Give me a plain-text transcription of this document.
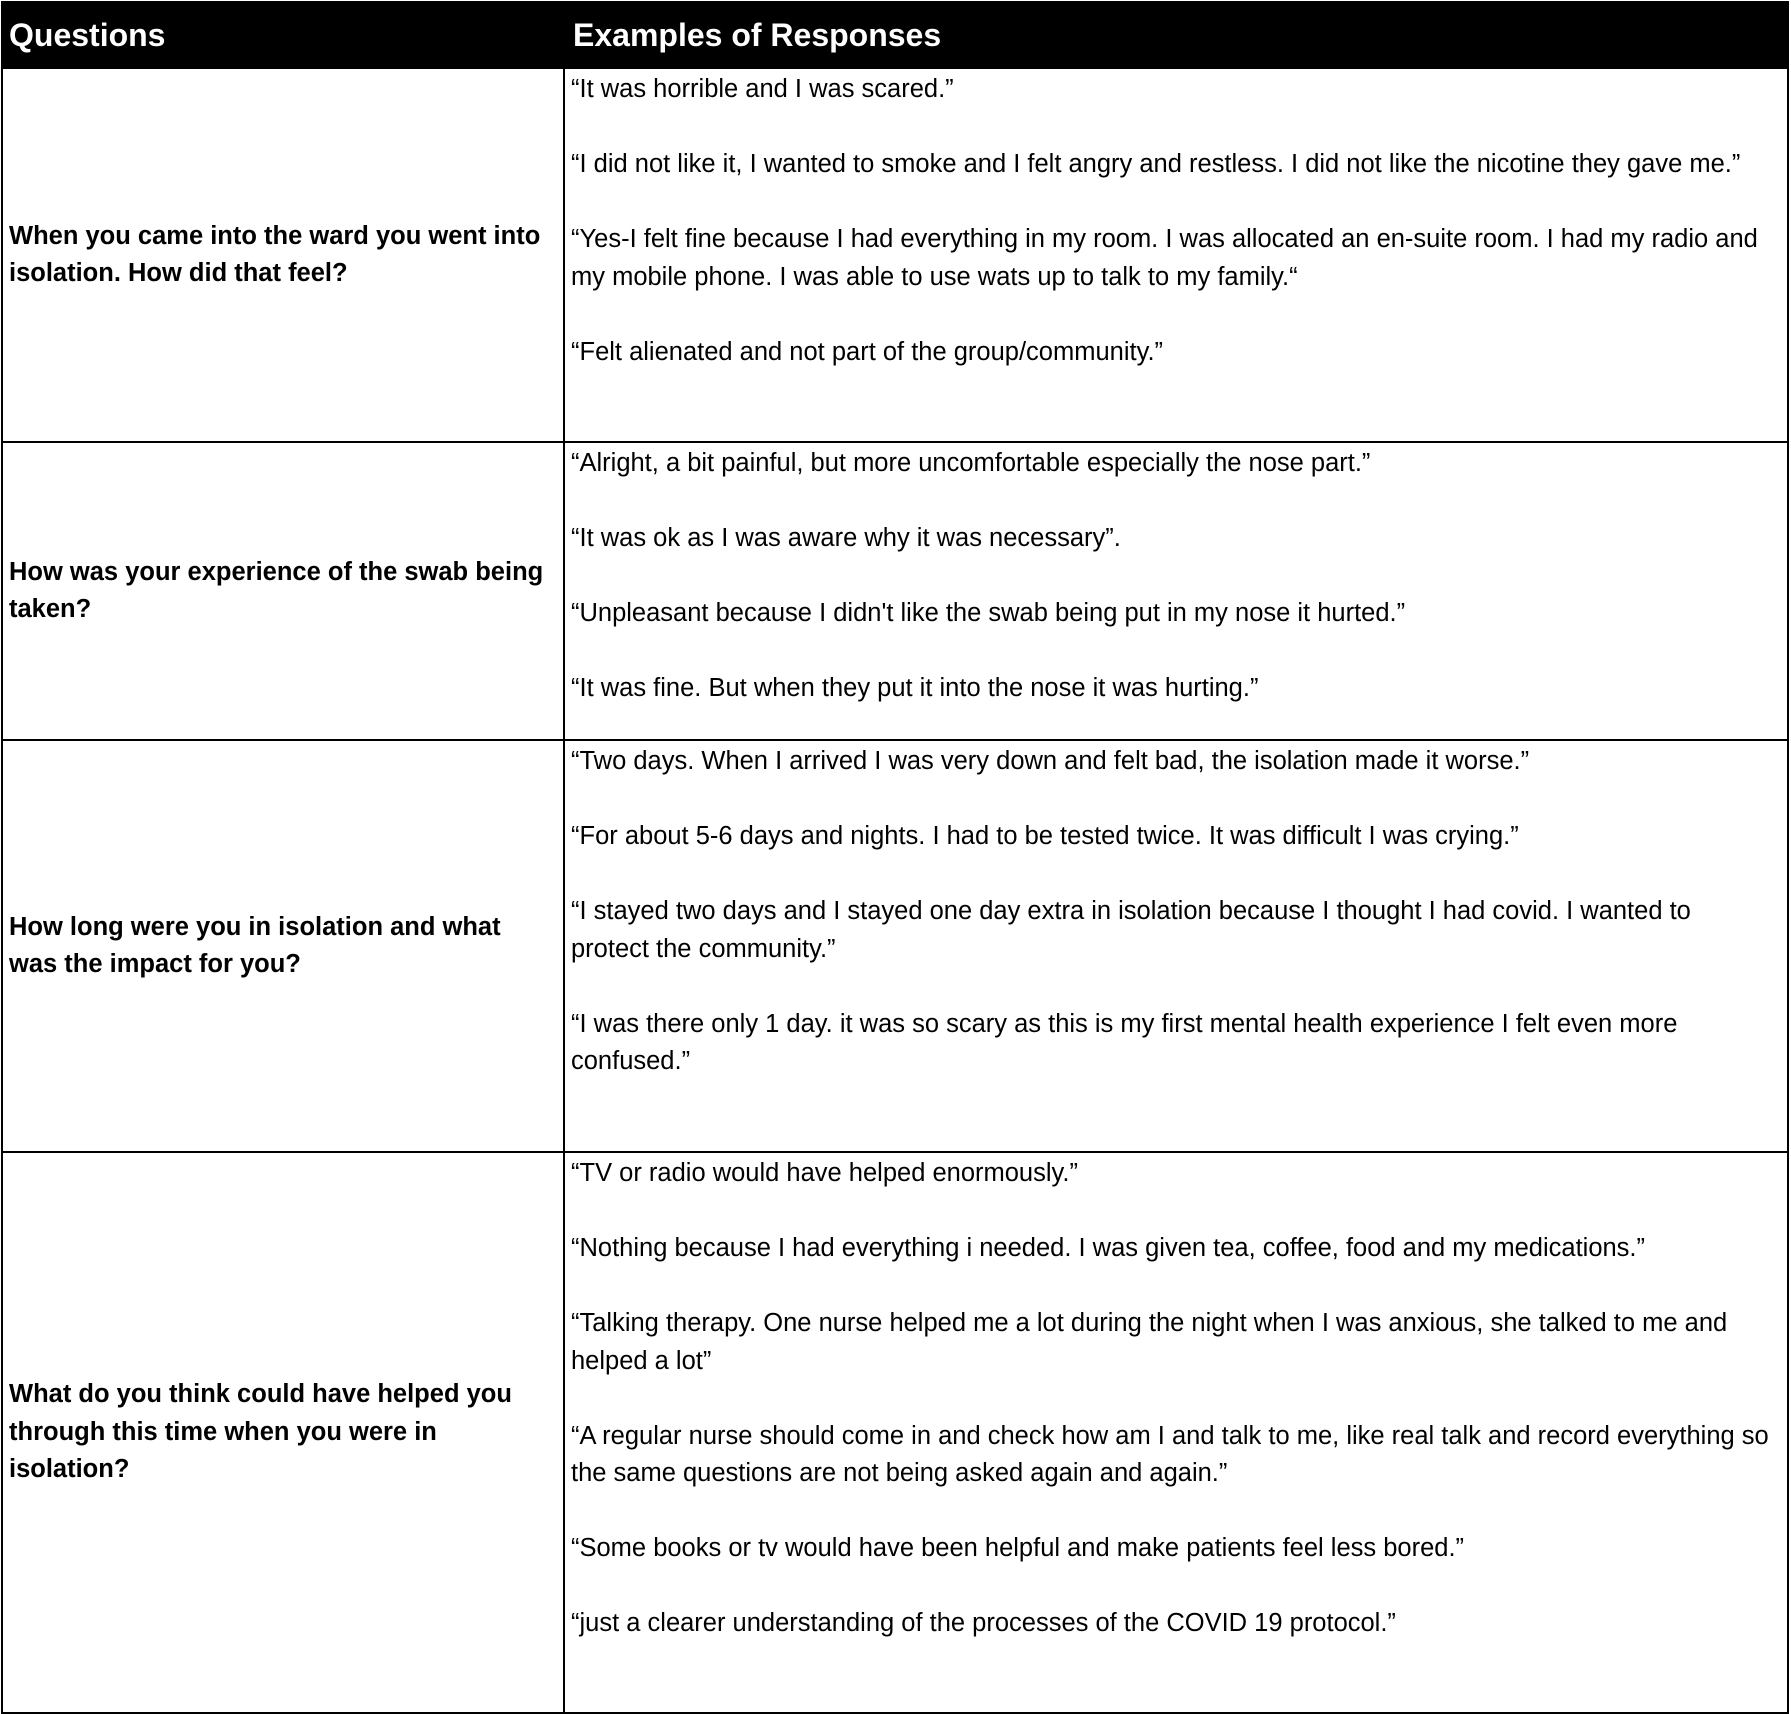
Questions	Examples of Responses
When you came into the ward you went into isolation. How did that feel?

“It was horrible and I was scared.”

“I did not like it, I wanted to smoke and I felt angry and restless. I did not like the nicotine they gave me.”

“Yes-I felt fine because I had everything in my room. I was allocated an en-suite room. I had my radio and my mobile phone. I was able to use wats up to talk to my family.“

“Felt alienated and not part of the group/community.”

How was your experience of the swab being taken?

“Alright, a bit painful, but more uncomfortable especially the nose part.”

“It was ok as I was aware why it was necessary”.

“Unpleasant because I didn't like the swab being put in my nose it hurted.”

“It was fine. But when they put it into the nose it was hurting.”

How long were you in isolation and what was the impact for you?

“Two days. When I arrived I was very down and felt bad, the isolation made it worse.”

“For about 5-6 days and nights. I had to be tested twice. It was difficult I was crying.”

“I stayed two days and I stayed one day extra in isolation because I thought I had covid. I wanted to protect the community.”

“I was there only 1 day. it was so scary as this is my first mental health experience I felt even more confused.”

What do you think could have helped you through this time when you were in isolation?

“TV or radio would have helped enormously.”

“Nothing because I had everything i needed. I was given tea, coffee, food and my medications.”

“Talking therapy. One nurse helped me a lot during the night when I was anxious, she talked to me and helped a lot”

“A regular nurse should come in and check how am I and talk to me, like real talk and record everything so the same questions are not being asked again and again.”

“Some books or tv would have been helpful and make patients feel less bored.”

“just a clearer understanding of the processes of the COVID 19 protocol.”
